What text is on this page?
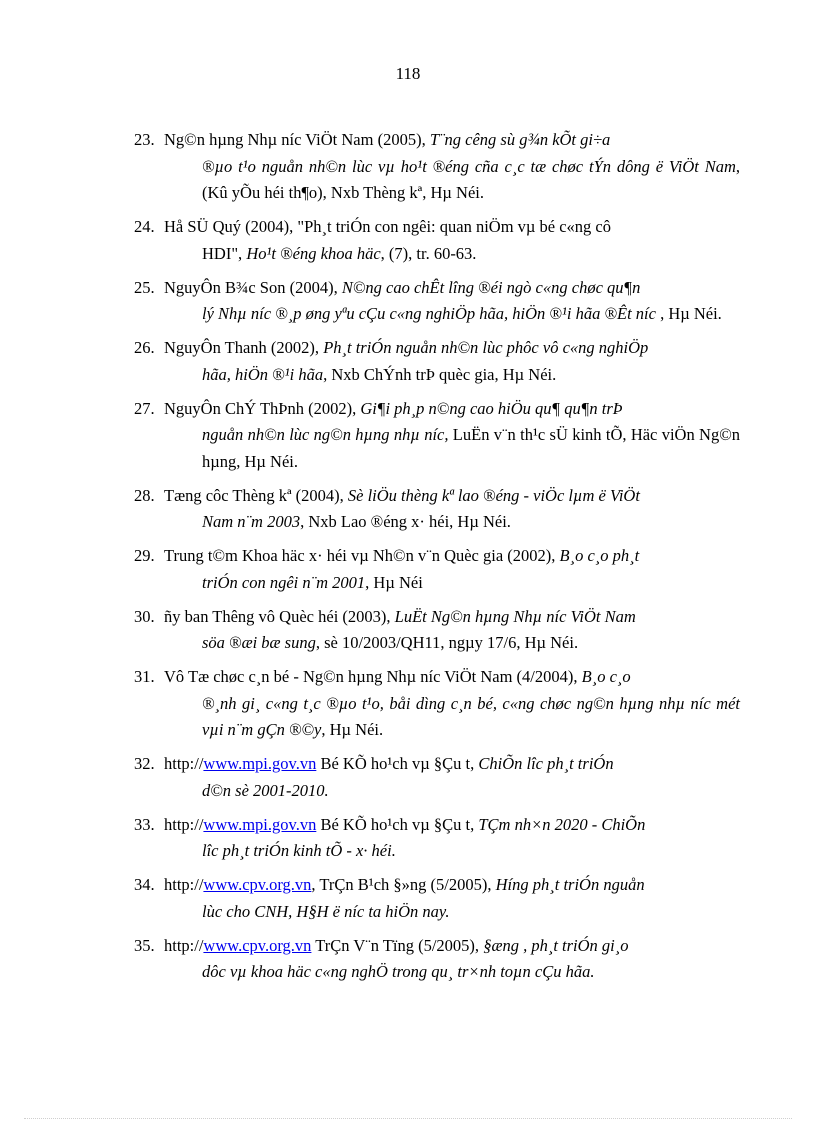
118
23. Ng©n hµng Nhµ níc ViÖt Nam (2005), T¨ng cêng sù g¾n kÕt gi÷a
®µo t¹o nguån nh©n lùc vµ ho¹t ®éng cña c¸c tæ chøc tÝn dông ë ViÖt Nam, (Kû yÕu héi th¶o), Nxb Thèng kª, Hµ Néi.
24. Hå SÜ Quý (2004), "Ph¸t triÓn con ngêi: quan niÖm vµ bé c«ng cô
HDI", Ho¹t ®éng khoa häc, (7), tr. 60-63.
25. NguyÔn B¾c Son (2004), N©ng cao chÊt lîng ®éi ngò c«ng chøc qu¶n
lý Nhµ níc ®¸p øng yªu cÇu c«ng nghiÖp hãa, hiÖn ®¹i hãa ®Êt níc , Hµ Néi.
26. NguyÔn Thanh (2002), Ph¸t triÓn nguån nh©n lùc phôc vô c«ng nghiÖp
hãa, hiÖn ®¹i hãa, Nxb ChÝnh trÞ quèc gia, Hµ Néi.
27. NguyÔn ChÝ ThÞnh (2002), Gi¶i ph¸p n©ng cao hiÖu qu¶ qu¶n trÞ
nguån nh©n lùc ng©n hµng nhµ níc, LuËn v¨n th¹c sÜ kinh tÕ, Häc viÖn Ng©n hµng, Hµ Néi.
28. Tæng côc Thèng kª (2004), Sè liÖu thèng kª lao ®éng - viÖc lµm ë ViÖt
Nam n¨m 2003, Nxb Lao ®éng x· héi, Hµ Néi.
29. Trung t©m Khoa häc x· héi vµ Nh©n v¨n Quèc gia (2002), B¸o c¸o ph¸t
triÓn con ngêi n¨m 2001, Hµ Néi
30. ñy ban Thêng vô Quèc héi (2003), LuËt Ng©n hµng Nhµ níc ViÖt Nam
söa ®æi bæ sung, sè 10/2003/QH11, ngµy 17/6, Hµ Néi.
31. Vô Tæ chøc c¸n bé - Ng©n hµng Nhµ níc ViÖt Nam (4/2004), B¸o c¸o
®¸nh gi¸ c«ng t¸c ®µo t¹o, båi dìng c¸n bé, c«ng chøc ng©n hµng nhµ níc mét vµi n¨m gÇn ®©y, Hµ Néi.
32. http://www.mpi.gov.vn Bé KÕ ho¹ch vµ §Çu t, ChiÕn lîc ph¸t triÓn
d©n sè 2001-2010.
33. http://www.mpi.gov.vn Bé KÕ ho¹ch vµ §Çu t, TÇm nh×n 2020 - ChiÕn
lîc ph¸t triÓn kinh tÕ - x· héi.
34. http://www.cpv.org.vn, TrÇn B¹ch §»ng (5/2005), Híng ph¸t triÓn nguån
lùc cho CNH, H§H ë níc ta hiÖn nay.
35. http://www.cpv.org.vn TrÇn V¨n Tïng (5/2005), §æng , ph¸t triÓn gi¸o
dôc vµ khoa häc c«ng nghÖ trong qu¸ tr×nh toµn cÇu hãa.
